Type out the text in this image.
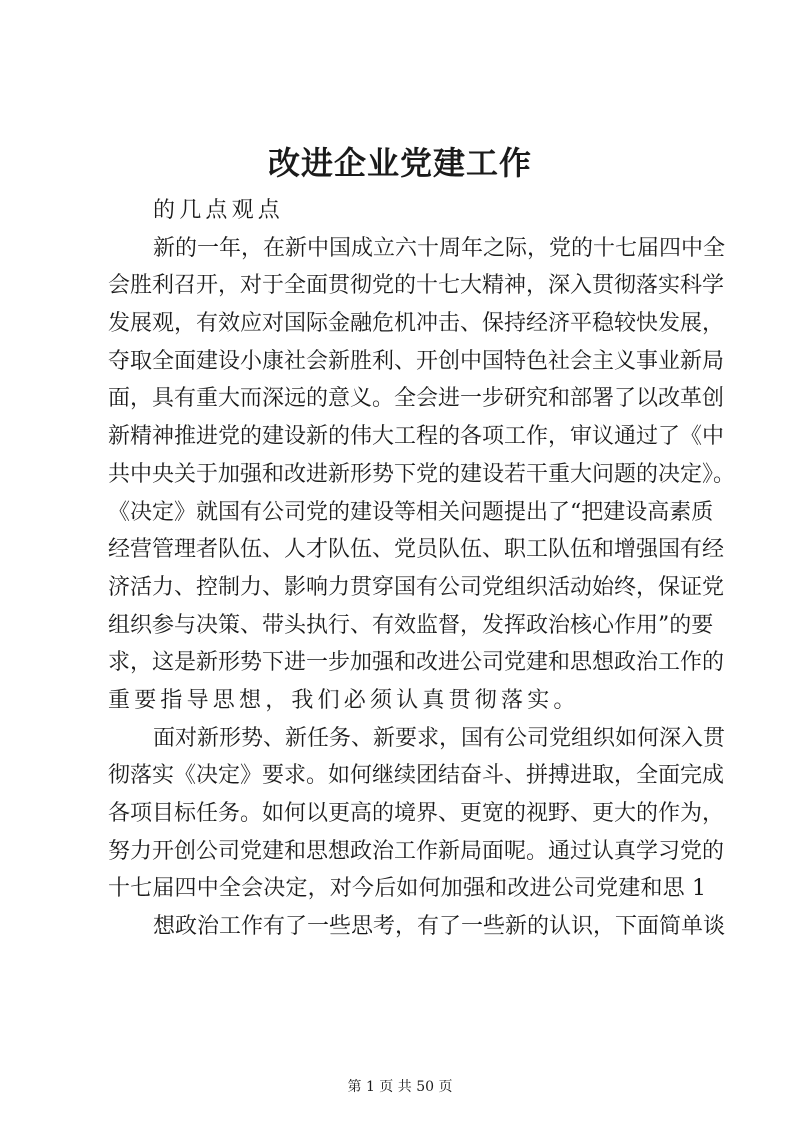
改进企业党建工作
的几点观点
新的一年，在新中国成立六十周年之际，党的十七届四中全
会胜利召开，对于全面贯彻党的十七大精神，深入贯彻落实科学
发展观，有效应对国际金融危机冲击、保持经济平稳较快发展，
夺取全面建设小康社会新胜利、开创中国特色社会主义事业新局
面，具有重大而深远的意义。全会进一步研究和部署了以改革创
新精神推进党的建设新的伟大工程的各项工作，审议通过了《中
共中央关于加强和改进新形势下党的建设若干重大问题的决定》。
《决定》就国有公司党的建设等相关问题提出了“把建设高素质
经营管理者队伍、人才队伍、党员队伍、职工队伍和增强国有经
济活力、控制力、影响力贯穿国有公司党组织活动始终，保证党
组织参与决策、带头执行、有效监督，发挥政治核心作用”的要
求，这是新形势下进一步加强和改进公司党建和思想政治工作的
重要指导思想，我们必须认真贯彻落实。
面对新形势、新任务、新要求，国有公司党组织如何深入贯
彻落实《决定》要求。如何继续团结奋斗、拼搏进取，全面完成
各项目标任务。如何以更高的境界、更宽的视野、更大的作为，
努力开创公司党建和思想政治工作新局面呢。通过认真学习党的
十七届四中全会决定，对今后如何加强和改进公司党建和思 1
想政治工作有了一些思考，有了一些新的认识，下面简单谈
第 1 页 共 50 页
